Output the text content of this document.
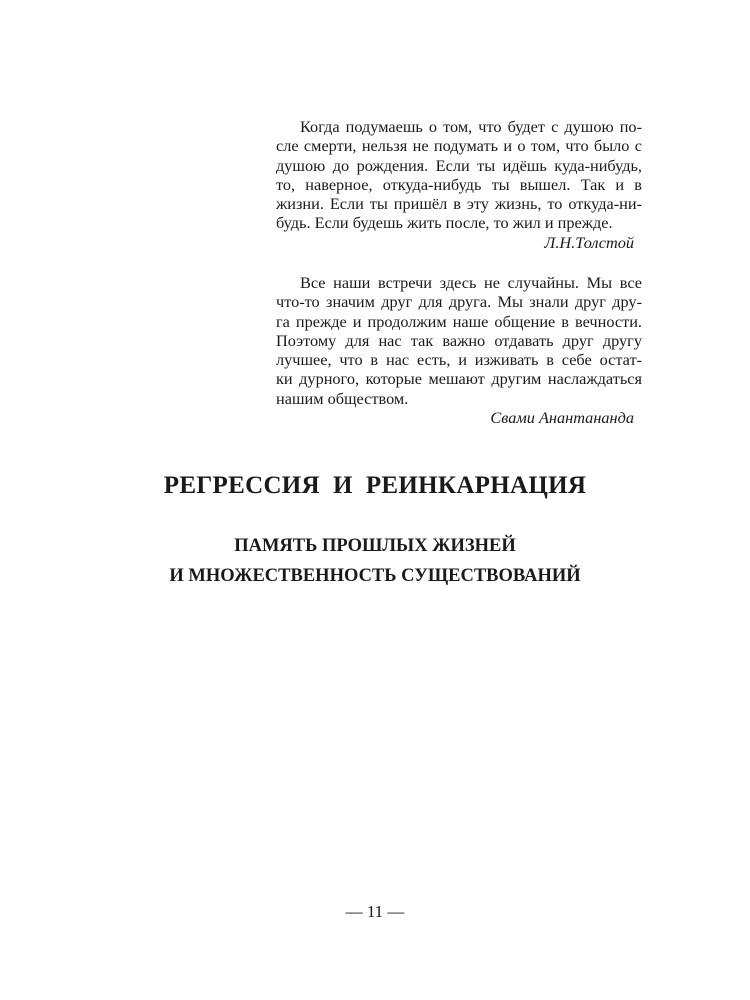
Когда подумаешь о том, что будет с душою по-
сле смерти, нельзя не подумать и о том, что было с
душою до рождения. Если ты идёшь куда-нибудь,
то, наверное, откуда-нибудь ты вышел. Так и в
жизни. Если ты пришёл в эту жизнь, то откуда-ни-
будь. Если будешь жить после, то жил и прежде.
Л.Н.Толстой
Все наши встречи здесь не случайны. Мы все
что-то значим друг для друга. Мы знали друг дру-
га прежде и продолжим наше общение в вечности.
Поэтому для нас так важно отдавать друг другу
лучшее, что в нас есть, и изживать в себе остат-
ки дурного, которые мешают другим наслаждаться
нашим обществом.
Свами Анантананда
РЕГРЕССИЯ  И  РЕИНКАРНАЦИЯ
ПАМЯТЬ ПРОШЛЫХ ЖИЗНЕЙ
И МНОЖЕСТВЕННОСТЬ СУЩЕСТВОВАНИЙ
— 11 —
